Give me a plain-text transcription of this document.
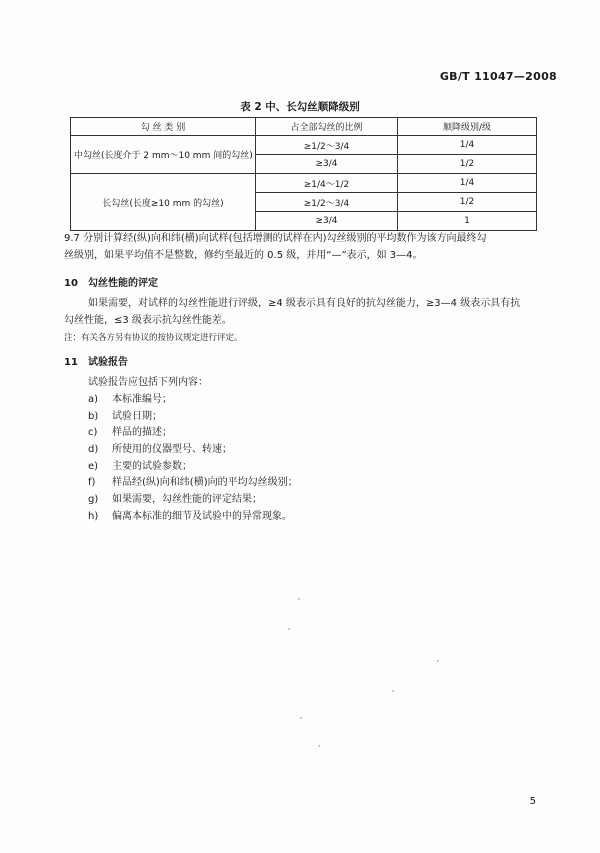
GB/T 11047—2008
表 2 中、长勾丝顺降级别
勾 丝 类 别	占全部勾丝的比例	顺降级别/级
中勾丝(长度介于 2 mm～10 mm 间的勾丝)	≥1/2～3/4	1/4
	≥3/4	1/2
长勾丝(长度≥10 mm 的勾丝)	≥1/4～1/2	1/4
	≥1/2～3/4	1/2
	≥3/4	1
9.7 分别计算经(纵)向和纬(横)向试样(包括增测的试样在内)勾丝级别的平均数作为该方向最终勾
丝级别，如果平均值不是整数，修约至最近的 0.5 级，并用“—”表示，如 3—4。
10 勾丝性能的评定
如果需要，对试样的勾丝性能进行评级，≥4 级表示具有良好的抗勾丝能力，≥3—4 级表示具有抗
勾丝性能，≤3 级表示抗勾丝性能差。
注：有关各方另有协议的按协议规定进行评定。
11 试验报告
试验报告应包括下列内容：
a) 本标准编号；
b) 试验日期；
c) 样品的描述；
d) 所使用的仪器型号、转速；
e) 主要的试验参数；
f) 样品经(纵)向和纬(横)向的平均勾丝级别；
g) 如果需要，勾丝性能的评定结果；
h) 偏离本标准的细节及试验中的异常现象。
5
